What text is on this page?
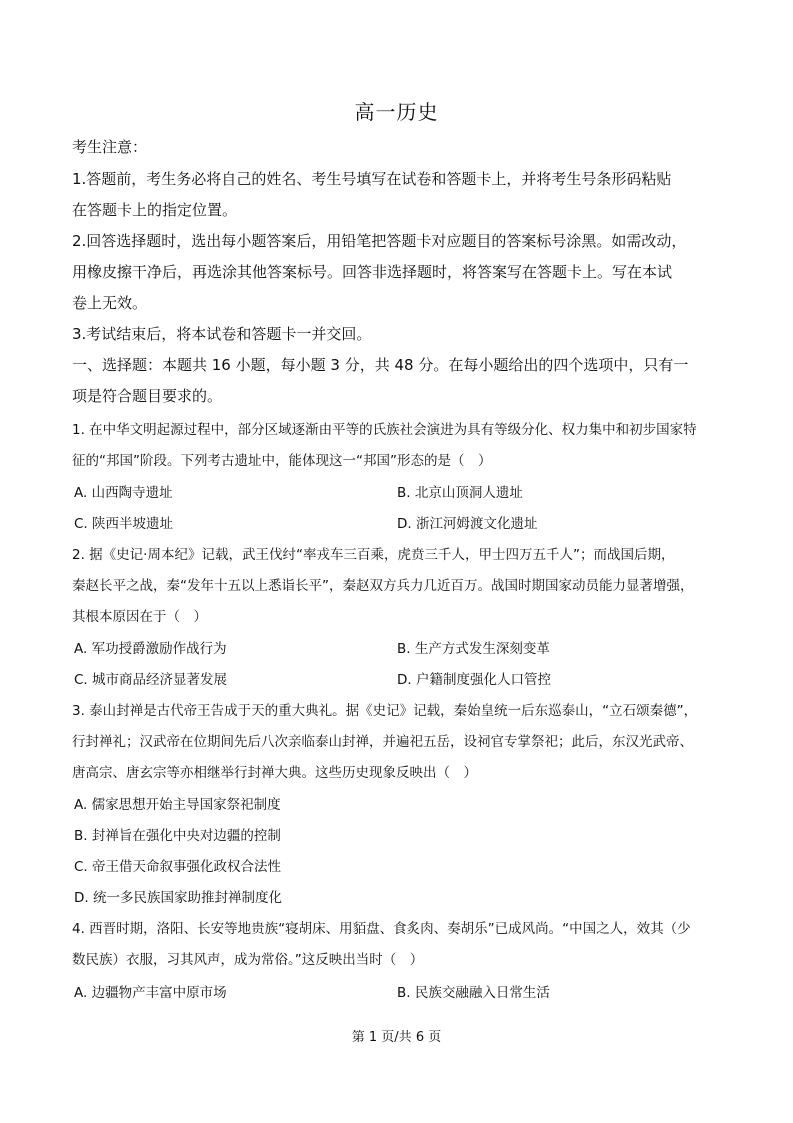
高一历史
考生注意：
1.答题前，考生务必将自己的姓名、考生号填写在试卷和答题卡上，并将考生号条形码粘贴
在答题卡上的指定位置。
2.回答选择题时，选出每小题答案后，用铅笔把答题卡对应题目的答案标号涂黑。如需改动，
用橡皮擦干净后，再选涂其他答案标号。回答非选择题时，将答案写在答题卡上。写在本试
卷上无效。
3.考试结束后，将本试卷和答题卡一并交回。
一、选择题：本题共 16 小题，每小题 3 分，共 48 分。在每小题给出的四个选项中，只有一
项是符合题目要求的。
1. 在中华文明起源过程中，部分区域逐渐由平等的氏族社会演进为具有等级分化、权力集中和初步国家特
征的“邦国”阶段。下列考古遗址中，能体现这一“邦国”形态的是（　）
A. 山西陶寺遗址	B. 北京山顶洞人遗址
C. 陕西半坡遗址	D. 浙江河姆渡文化遗址
2. 据《史记·周本纪》记载，武王伐纣“率戎车三百乘，虎贲三千人，甲士四万五千人”；而战国后期，
秦赵长平之战，秦“发年十五以上悉诣长平”，秦赵双方兵力几近百万。战国时期国家动员能力显著增强，
其根本原因在于（　）
A. 军功授爵激励作战行为	B. 生产方式发生深刻变革
C. 城市商品经济显著发展	D. 户籍制度强化人口管控
3. 泰山封禅是古代帝王告成于天的重大典礼。据《史记》记载，秦始皇统一后东巡泰山，“立石颂秦德”，
行封禅礼；汉武帝在位期间先后八次亲临泰山封禅，并遍祀五岳，设祠官专掌祭祀；此后，东汉光武帝、
唐高宗、唐玄宗等亦相继举行封禅大典。这些历史现象反映出（　）
A. 儒家思想开始主导国家祭祀制度
B. 封禅旨在强化中央对边疆的控制
C. 帝王借天命叙事强化政权合法性
D. 统一多民族国家助推封禅制度化
4. 西晋时期，洛阳、长安等地贵族“寝胡床、用貊盘、食炙肉、奏胡乐”已成风尚。“中国之人，效其（少
数民族）衣服，习其风声，成为常俗。”这反映出当时（　）
A. 边疆物产丰富中原市场	B. 民族交融融入日常生活
第 1 页/共 6 页
